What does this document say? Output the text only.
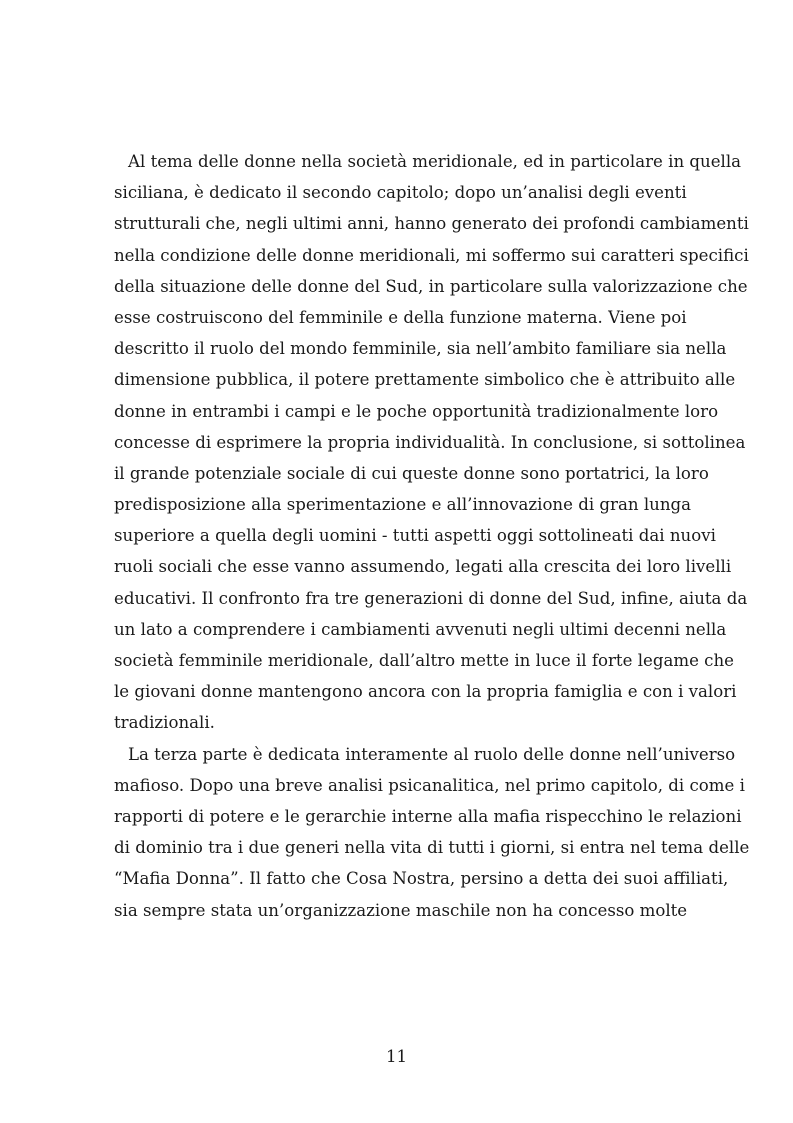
Al tema delle donne nella società meridionale, ed in particolare in quella
siciliana, è dedicato il secondo capitolo; dopo un’analisi degli eventi
strutturali che, negli ultimi anni, hanno generato dei profondi cambiamenti
nella condizione delle donne meridionali, mi soffermo sui caratteri specifici
della situazione delle donne del Sud, in particolare sulla valorizzazione che
esse costruiscono del femminile e della funzione materna. Viene poi
descritto il ruolo del mondo femminile, sia nell’ambito familiare sia nella
dimensione pubblica, il potere prettamente simbolico che è attribuito alle
donne in entrambi i campi e le poche opportunità tradizionalmente loro
concesse di esprimere la propria individualità. In conclusione, si sottolinea
il grande potenziale sociale di cui queste donne sono portatrici, la loro
predisposizione alla sperimentazione e all’innovazione di gran lunga
superiore a quella degli uomini - tutti aspetti oggi sottolineati dai nuovi
ruoli sociali che esse vanno assumendo, legati alla crescita dei loro livelli
educativi. Il confronto fra tre generazioni di donne del Sud, infine, aiuta da
un lato a comprendere i cambiamenti avvenuti negli ultimi decenni nella
società femminile meridionale, dall’altro mette in luce il forte legame che
le giovani donne mantengono ancora con la propria famiglia e con i valori
tradizionali.
La terza parte è dedicata interamente al ruolo delle donne nell’universo
mafioso. Dopo una breve analisi psicanalitica, nel primo capitolo, di come i
rapporti di potere e le gerarchie interne alla mafia rispecchino le relazioni
di dominio tra i due generi nella vita di tutti i giorni, si entra nel tema delle
“Mafia Donna”. Il fatto che Cosa Nostra, persino a detta dei suoi affiliati,
sia sempre stata un’organizzazione maschile non ha concesso molte
11
